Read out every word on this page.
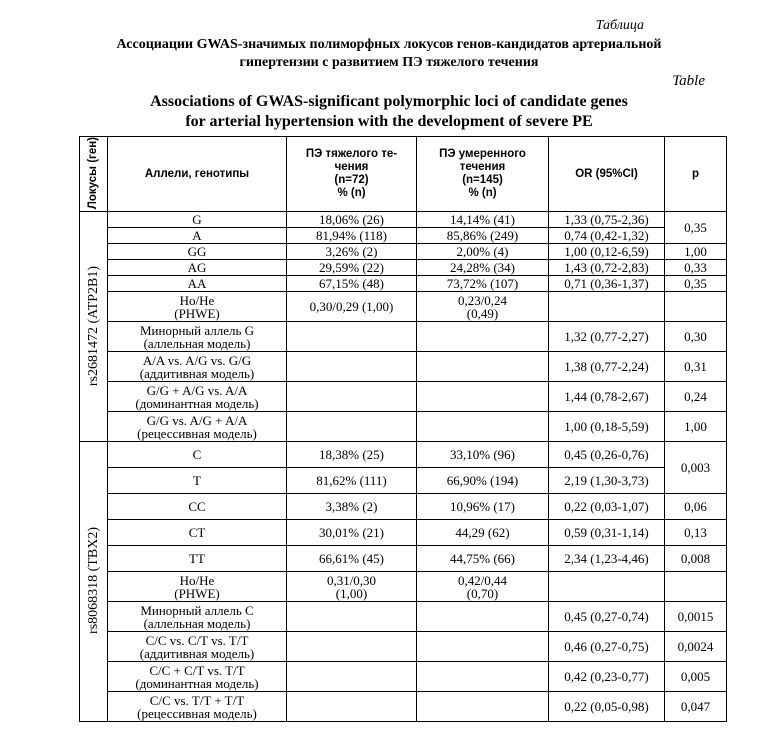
Таблица
Ассоциации GWAS-значимых полиморфных локусов генов-кандидатов артериальной
гипертензии с развитием ПЭ тяжелого течения
Table
Associations of GWAS-significant polymorphic loci of candidate genes
for arterial hypertension with the development of severe PE
Локусы (ген)	Аллели, генотипы	ПЭ тяжелого те-
чения
(n=72)
% (n)	ПЭ умеренного
течения
(n=145)
% (n)	OR (95%CI)	p
rs2681472 (ATP2B1)	G	18,06% (26)	14,14% (41)	1,33 (0,75-2,36)	0,35
	A	81,94% (118)	85,86% (249)	0,74 (0,42-1,32)	
	GG	3,26% (2)	2,00% (4)	1,00 (0,12-6,59)	1,00
	AG	29,59% (22)	24,28% (34)	1,43 (0,72-2,83)	0,33
	AA	67,15% (48)	73,72% (107)	0,71 (0,36-1,37)	0,35
	Ho/He
(PHWE)	0,30/0,29 (1,00)	0,23/0,24
(0,49)		
	Минорный аллель G
(аллельная модель)			1,32 (0,77-2,27)	0,30
	A/A vs. A/G vs. G/G
(аддитивная модель)			1,38 (0,77-2,24)	0,31
	G/G + A/G vs. A/A
(доминантная модель)			1,44 (0,78-2,67)	0,24
	G/G vs. A/G + A/A
(рецессивная модель)			1,00 (0,18-5,59)	1,00
rs8068318 (TBX2)	C	18,38% (25)	33,10% (96)	0,45 (0,26-0,76)	0,003
	T	81,62% (111)	66,90% (194)	2,19 (1,30-3,73)	
	CC	3,38% (2)	10,96% (17)	0,22 (0,03-1,07)	0,06
	CT	30,01% (21)	44,29 (62)	0,59 (0,31-1,14)	0,13
	TT	66,61% (45)	44,75% (66)	2,34 (1,23-4,46)	0,008
	Ho/He
(PHWE)	0,31/0,30
(1,00)	0,42/0,44
(0,70)		
	Минорный аллель C
(аллельная модель)			0,45 (0,27-0,74)	0,0015
	C/C vs. C/T vs. T/T
(аддитивная модель)			0,46 (0,27-0,75)	0,0024
	C/C + C/T vs. T/T
(доминантная модель)			0,42 (0,23-0,77)	0,005
	C/C vs. T/T + T/T
(рецессивная модель)			0,22 (0,05-0,98)	0,047
